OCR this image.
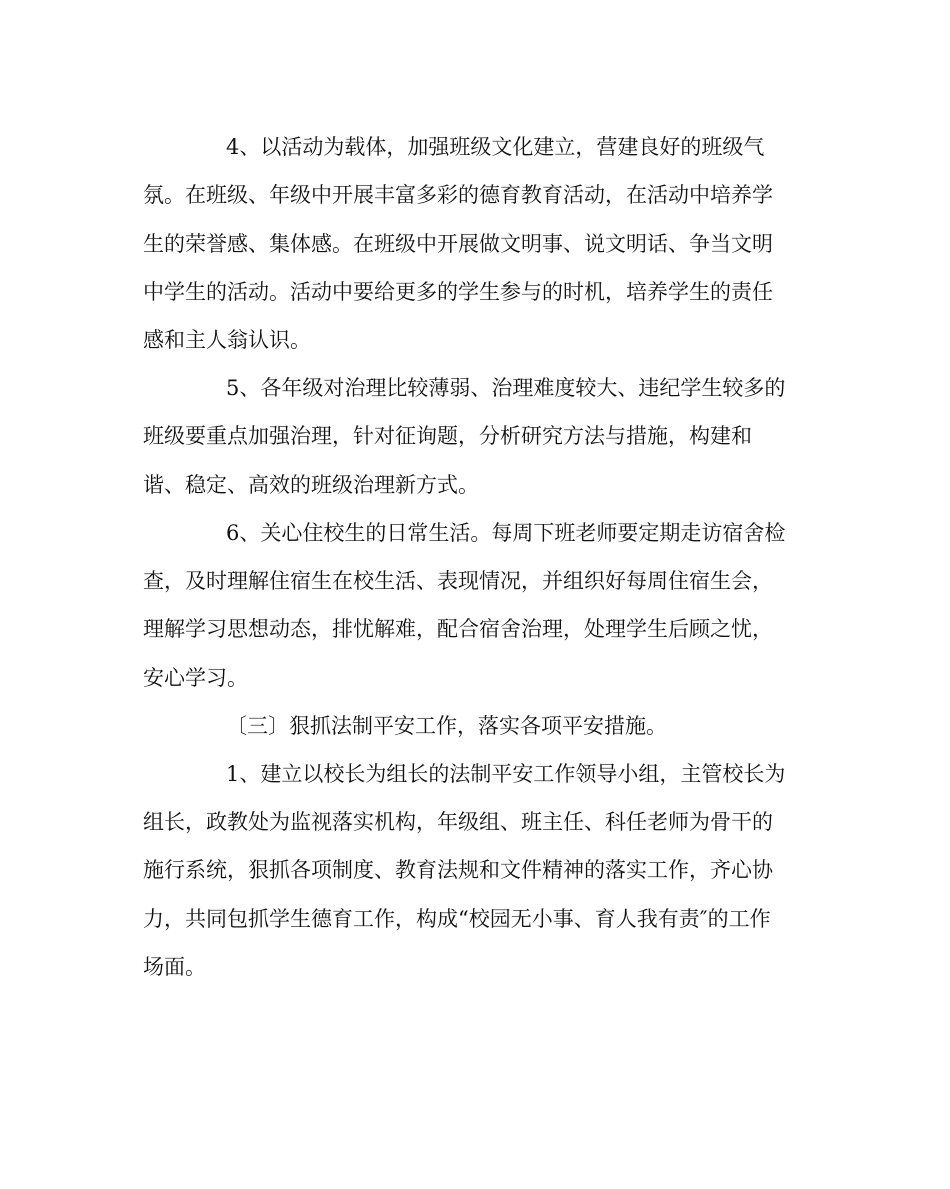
4、以活动为载体，加强班级文化建立，营建良好的班级气

氛。在班级、年级中开展丰富多彩的德育教育活动，在活动中培养学

生的荣誉感、集体感。在班级中开展做文明事、说文明话、争当文明

中学生的活动。活动中要给更多的学生参与的时机，培养学生的责任

感和主人翁认识。

5、各年级对治理比较薄弱、治理难度较大、违纪学生较多的

班级要重点加强治理，针对征询题，分析研究方法与措施，构建和

谐、稳定、高效的班级治理新方式。

6、关心住校生的日常生活。每周下班老师要定期走访宿舍检

查，及时理解住宿生在校生活、表现情况，并组织好每周住宿生会，

理解学习思想动态，排忧解难，配合宿舍治理，处理学生后顾之忧，

安心学习。

〔三〕狠抓法制平安工作，落实各项平安措施。

1、建立以校长为组长的法制平安工作领导小组，主管校长为

组长，政教处为监视落实机构，年级组、班主任、科任老师为骨干的

施行系统，狠抓各项制度、教育法规和文件精神的落实工作，齐心协

力，共同包抓学生德育工作，构成“校园无小事、育人我有责″的工作

场面。
